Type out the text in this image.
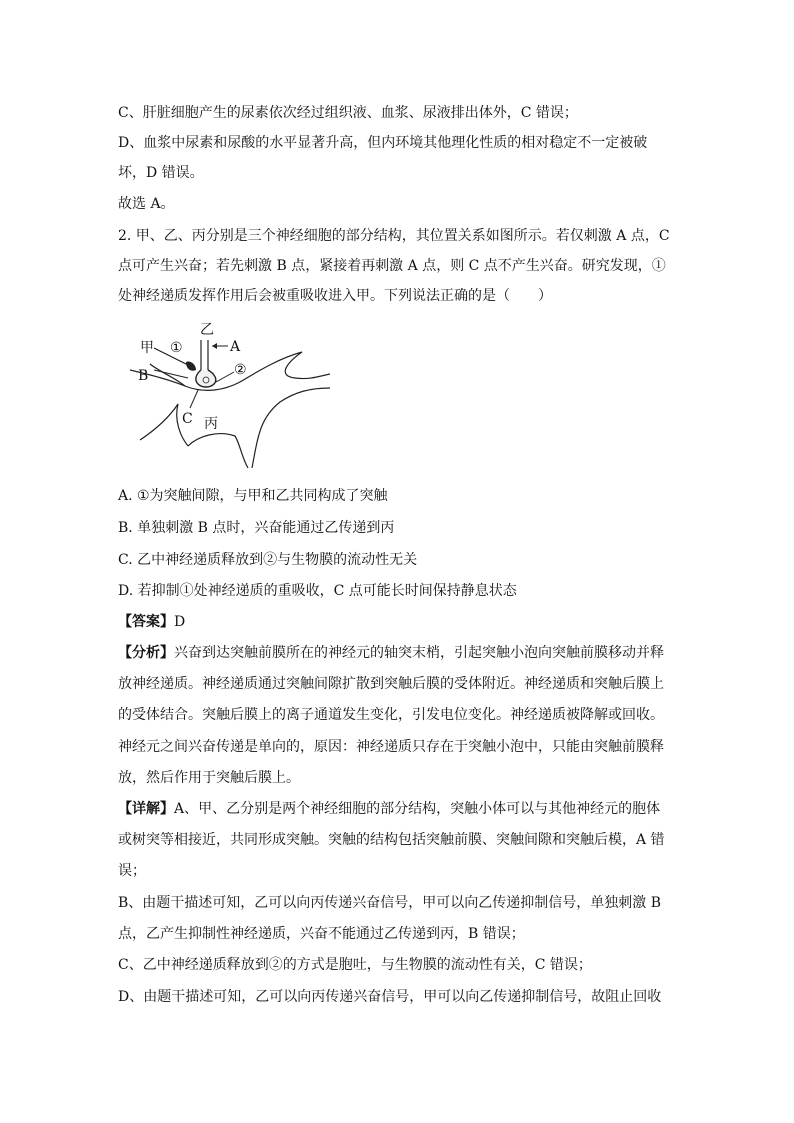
C、肝脏细胞产生的尿素依次经过组织液、血浆、尿液排出体外，C 错误；
D、血浆中尿素和尿酸的水平显著升高，但内环境其他理化性质的相对稳定不一定被破
坏，D 错误。
故选 A。
2. 甲、乙、丙分别是三个神经细胞的部分结构，其位置关系如图所示。若仅刺激 A 点，C
点可产生兴奋；若先刺激 B 点，紧接着再刺激 A 点，则 C 点不产生兴奋。研究发现，①
处神经递质发挥作用后会被重吸收进入甲。下列说法正确的是（　　）
甲
乙
①	A
B	②
C 丙
A. ①为突触间隙，与甲和乙共同构成了突触
B. 单独刺激 B 点时，兴奋能通过乙传递到丙
C. 乙中神经递质释放到②与生物膜的流动性无关
D. 若抑制①处神经递质的重吸收，C 点可能长时间保持静息状态
【答案】D
【分析】兴奋到达突触前膜所在的神经元的轴突末梢，引起突触小泡向突触前膜移动并释
放神经递质。神经递质通过突触间隙扩散到突触后膜的受体附近。神经递质和突触后膜上
的受体结合。突触后膜上的离子通道发生变化，引发电位变化。神经递质被降解或回收。
神经元之间兴奋传递是单向的，原因：神经递质只存在于突触小泡中，只能由突触前膜释
放，然后作用于突触后膜上。
【详解】A、甲、乙分别是两个神经细胞的部分结构，突触小体可以与其他神经元的胞体
或树突等相接近，共同形成突触。突触的结构包括突触前膜、突触间隙和突触后模，A 错
误；
B、由题干描述可知，乙可以向丙传递兴奋信号，甲可以向乙传递抑制信号，单独刺激 B
点，乙产生抑制性神经递质，兴奋不能通过乙传递到丙，B 错误；
C、乙中神经递质释放到②的方式是胞吐，与生物膜的流动性有关，C 错误；
D、由题干描述可知，乙可以向丙传递兴奋信号，甲可以向乙传递抑制信号，故阻止回收
